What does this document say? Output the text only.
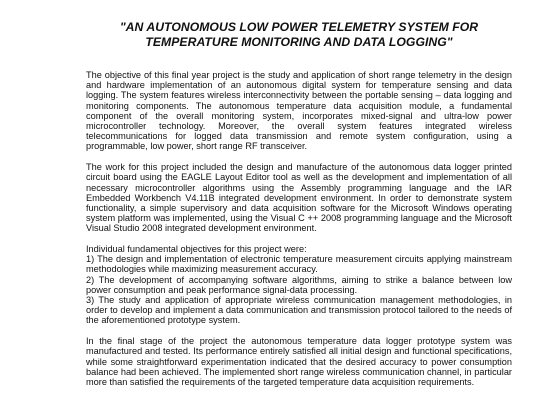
"AN AUTONOMOUS LOW POWER TELEMETRY SYSTEM FOR
TEMPERATURE MONITORING AND DATA LOGGING"

The objective of this final year project is the study and application of short range telemetry in the design and hardware implementation of an autonomous digital system for temperature sensing and data logging. The system features wireless interconnectivity between the portable sensing – data logging and monitoring components. The autonomous temperature data acquisition module, a fundamental component of the overall monitoring system, incorporates mixed-signal and ultra-low power microcontroller technology. Moreover, the overall system features integrated wireless telecommunications for logged data transmission and remote system configuration, using a programmable, low power, short range RF transceiver.

The work for this project included the design and manufacture of the autonomous data logger printed circuit board using the EAGLE Layout Editor tool as well as the development and implementation of all necessary microcontroller algorithms using the Assembly programming language and the IAR Embedded Workbench V4.11B integrated development environment. In order to demonstrate system functionality, a simple supervisory and data acquisition software for the Microsoft Windows operating system platform was implemented, using the Visual C ++ 2008 programming language and the Microsoft Visual Studio 2008 integrated development environment.

Individual fundamental objectives for this project were:

1) The design and implementation of electronic temperature measurement circuits applying mainstream methodologies while maximizing measurement accuracy.

2) The development of accompanying software algorithms, aiming to strike a balance between low power consumption and peak performance signal-data processing.

3) The study and application of appropriate wireless communication management methodologies, in order to develop and implement a data communication and transmission protocol tailored to the needs of the aforementioned prototype system.

In the final stage of the project the autonomous temperature data logger prototype system was manufactured and tested. Its performance entirely satisfied all initial design and functional specifications, while some straightforward experimentation indicated that the desired accuracy to power consumption balance had been achieved. The implemented short range wireless communication channel, in particular more than satisfied the requirements of the targeted temperature data acquisition requirements.
